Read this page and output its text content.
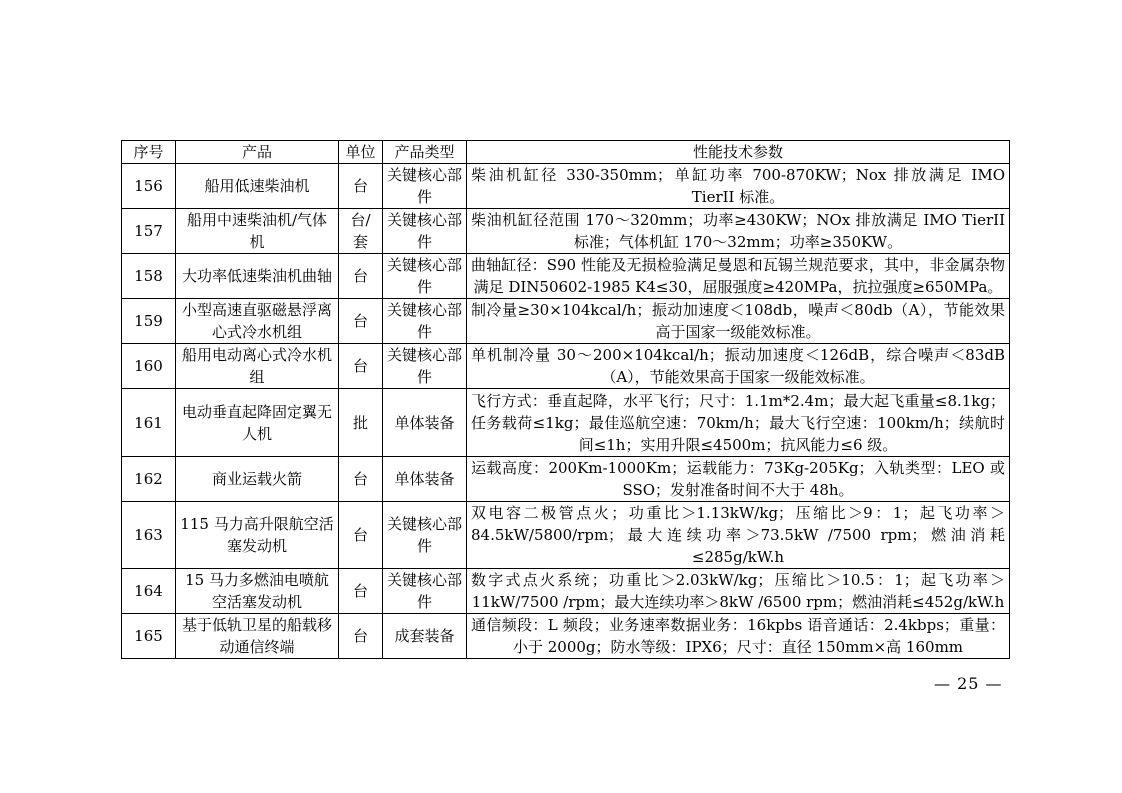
序号	产品	单位	产品类型	性能技术参数
156	船用低速柴油机	台	关键核心部件	柴油机缸径 330-350mm；单缸功率 700-870KW；Nox 排放满足 IMO TierII 标准。
157	船用中速柴油机/气体机	台/套	关键核心部件	柴油机缸径范围 170～320mm；功率≥430KW；NOx 排放满足 IMO TierII 标准；气体机缸 170～32mm；功率≥350KW。
158	大功率低速柴油机曲轴	台	关键核心部件	曲轴缸径：S90 性能及无损检验满足曼恩和瓦锡兰规范要求，其中，非金属杂物满足 DIN50602-1985 K4≤30，屈服强度≥420MPa，抗拉强度≥650MPa。
159	小型高速直驱磁悬浮离心式冷水机组	台	关键核心部件	制冷量≥30×104kcal/h；振动加速度＜108db，噪声＜80db（A），节能效果高于国家一级能效标准。
160	船用电动离心式冷水机组	台	关键核心部件	单机制冷量 30～200×104kcal/h；振动加速度＜126dB，综合噪声＜83dB（A），节能效果高于国家一级能效标准。
161	电动垂直起降固定翼无人机	批	单体装备	飞行方式：垂直起降，水平飞行；尺寸：1.1m*2.4m；最大起飞重量≤8.1kg；任务载荷≤1kg；最佳巡航空速：70km/h；最大飞行空速：100km/h；续航时间≤1h；实用升限≤4500m；抗风能力≤6 级。
162	商业运载火箭	台	单体装备	运载高度：200Km-1000Km；运载能力：73Kg-205Kg；入轨类型：LEO 或 SSO；发射准备时间不大于 48h。
163	115 马力高升限航空活塞发动机	台	关键核心部件	双电容二极管点火；功重比＞1.13kW/kg；压缩比＞9：1；起飞功率＞84.5kW/5800/rpm；最大连续功率＞73.5kW /7500 rpm；燃油消耗≤285g/kW.h
164	15 马力多燃油电喷航空活塞发动机	台	关键核心部件	数字式点火系统；功重比＞2.03kW/kg；压缩比＞10.5：1；起飞功率＞11kW/7500 /rpm；最大连续功率＞8kW /6500 rpm；燃油消耗≤452g/kW.h
165	基于低轨卫星的船载移动通信终端	台	成套装备	通信频段：L 频段；业务速率数据业务：16kpbs 语音通话：2.4kbps；重量：小于 2000g；防水等级：IPX6；尺寸：直径 150mm×高 160mm
— 25 —
